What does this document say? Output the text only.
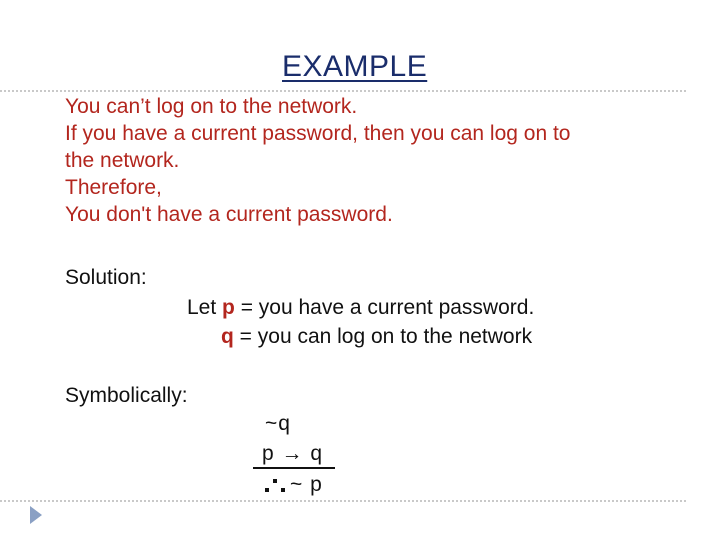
EXAMPLE
You can’t log on to the network.
If you have a current password, then you can log on to
the network.
Therefore,
You don't have a current password.
Solution:
Let p = you have a current password.
q = you can log on to the network
Symbolically:
~q
p → q
~ p
